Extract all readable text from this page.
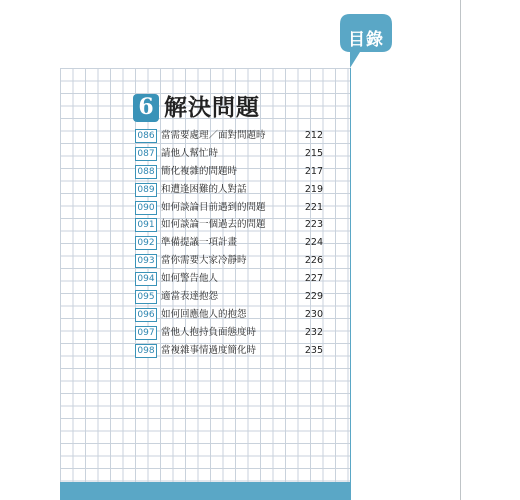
目錄
6 解決問題
086 當需要處理／面對問題時	212
087 請他人幫忙時	215
088 簡化複雜的問題時	217
089 和遭逢困難的人對話	219
090 如何談論目前遇到的問題	221
091 如何談論一個過去的問題	223
092 準備提議一項計畫	224
093 當你需要大家冷靜時	226
094 如何警告他人	227
095 適當表達抱怨	229
096 如何回應他人的抱怨	230
097 當他人抱持負面態度時	232
098 當複雜事情過度簡化時	235
